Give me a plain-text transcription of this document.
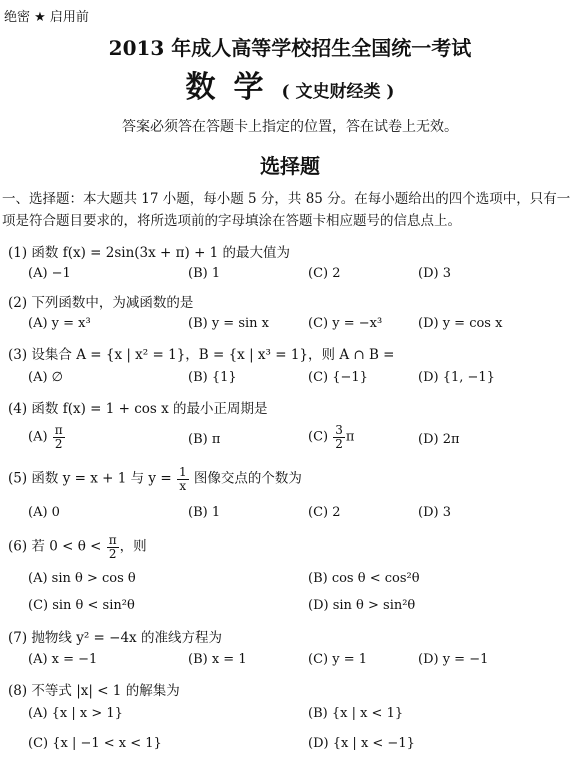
绝密 ★ 启用前
2013 年成人高等学校招生全国统一考试
数学( 文史财经类 )
答案必须答在答题卡上指定的位置，答在试卷上无效。
选择题
一、选择题：本大题共 17 小题，每小题 5 分，共 85 分。在每小题给出的四个选项中，只有一项是符合题目要求的，将所选项前的字母填涂在答题卡相应题号的信息点上。
(1) 函数 f(x) = 2sin(3x + π) + 1 的最大值为
(A) −1	(B) 1	(C) 2	(D) 3
(2) 下列函数中，为减函数的是
(A) y = x³	(B) y = sin x	(C) y = −x³	(D) y = cos x
(3) 设集合 A = {x | x² = 1}，B = {x | x³ = 1}，则 A ∩ B =
(A) ∅	(B) {1}	(C) {−1}	(D) {1, −1}
(4) 函数 f(x) = 1 + cos x 的最小正周期是
$(A) \frac{\pi}{2}$	(B) π	$(C) \frac{3}{2}$ π	(D) 2π
(5) 函数 y = x + 1 与 $y = \frac{1}{x}$ 图像交点的个数为
(A) 0	(B) 1	(C) 2	(D) 3
(6) 若 $0 < \theta < \frac{\pi}{2}$ ，则
(A) sin θ > cos θ	(B) cos θ < cos²θ
(C) sin θ < sin²θ	(D) sin θ > sin²θ
(7) 抛物线 y² = −4x 的准线方程为
(A) x = −1	(B) x = 1	(C) y = 1	(D) y = −1
(8) 不等式 |x| < 1 的解集为
(A) {x | x > 1}	(B) {x | x < 1}
(C) {x | −1 < x < 1}	(D) {x | x < −1}
